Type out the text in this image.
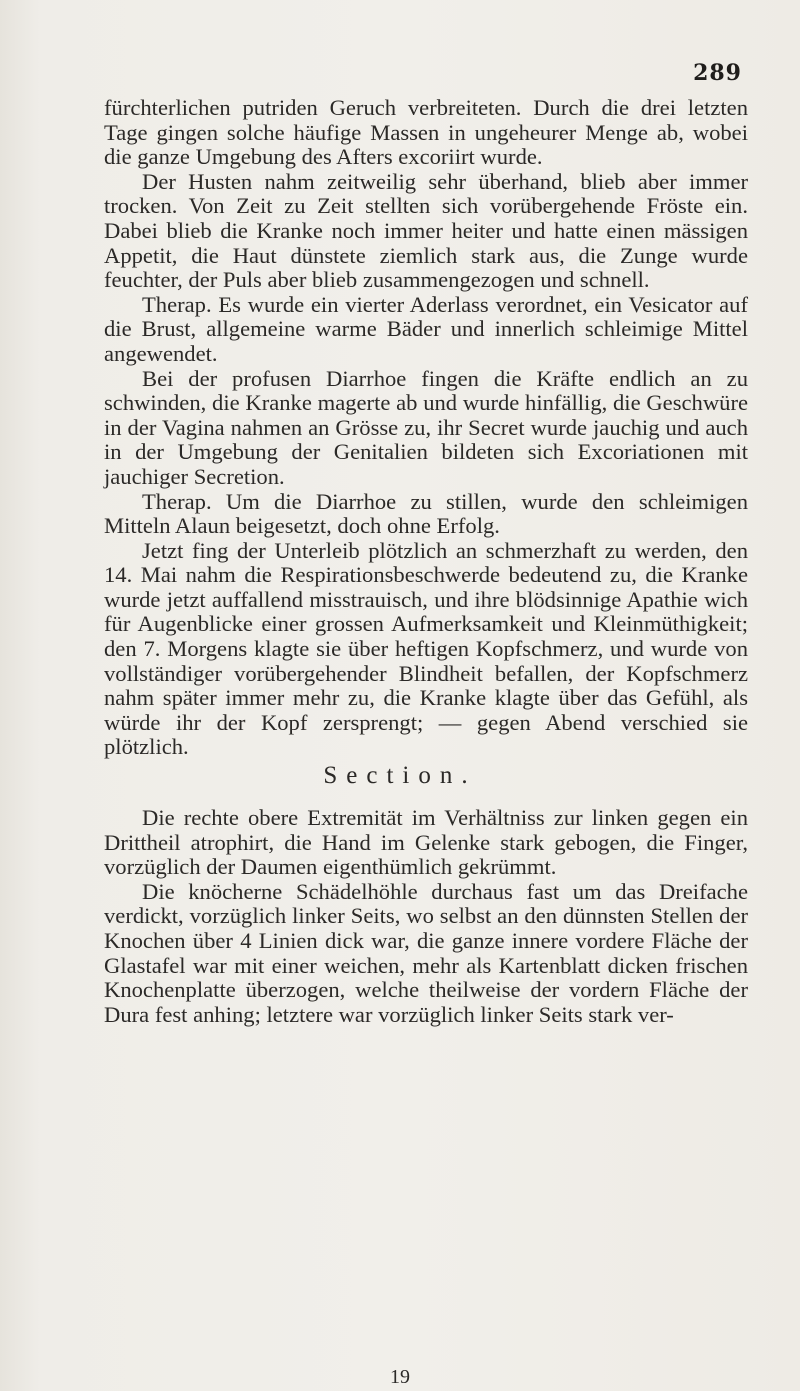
289

fürchterlichen putriden Geruch verbreiteten. Durch die drei letzten Tage gingen solche häufige Massen in ungeheurer Menge ab, wobei die ganze Umgebung des Afters excoriirt wurde.

Der Husten nahm zeitweilig sehr überhand, blieb aber immer trocken. Von Zeit zu Zeit stellten sich vorübergehende Fröste ein. Dabei blieb die Kranke noch immer heiter und hatte einen mässigen Appetit, die Haut dünstete ziemlich stark aus, die Zunge wurde feuchter, der Puls aber blieb zusammengezogen und schnell.

Therap. Es wurde ein vierter Aderlass verordnet, ein Vesicator auf die Brust, allgemeine warme Bäder und innerlich schleimige Mittel angewendet.

Bei der profusen Diarrhoe fingen die Kräfte endlich an zu schwinden, die Kranke magerte ab und wurde hinfällig, die Geschwüre in der Vagina nahmen an Grösse zu, ihr Secret wurde jauchig und auch in der Umgebung der Genitalien bildeten sich Excoriationen mit jauchiger Secretion.

Therap. Um die Diarrhoe zu stillen, wurde den schleimigen Mitteln Alaun beigesetzt, doch ohne Erfolg.

Jetzt fing der Unterleib plötzlich an schmerzhaft zu werden, den 14. Mai nahm die Respirationsbeschwerde bedeutend zu, die Kranke wurde jetzt auffallend misstrauisch, und ihre blödsinnige Apathie wich für Augenblicke einer grossen Aufmerksamkeit und Kleinmüthigkeit; den 7. Morgens klagte sie über heftigen Kopfschmerz, und wurde von vollständiger vorübergehender Blindheit befallen, der Kopfschmerz nahm später immer mehr zu, die Kranke klagte über das Gefühl, als würde ihr der Kopf zersprengt; — gegen Abend verschied sie plötzlich.

Section.

Die rechte obere Extremität im Verhältniss zur linken gegen ein Drittheil atrophirt, die Hand im Gelenke stark gebogen, die Finger, vorzüglich der Daumen eigenthümlich gekrümmt.

Die knöcherne Schädelhöhle durchaus fast um das Dreifache verdickt, vorzüglich linker Seits, wo selbst an den dünnsten Stellen der Knochen über 4 Linien dick war, die ganze innere vordere Fläche der Glastafel war mit einer weichen, mehr als Kartenblatt dicken frischen Knochenplatte überzogen, welche theilweise der vordern Fläche der Dura fest anhing; letztere war vorzüglich linker Seits stark ver-

19
